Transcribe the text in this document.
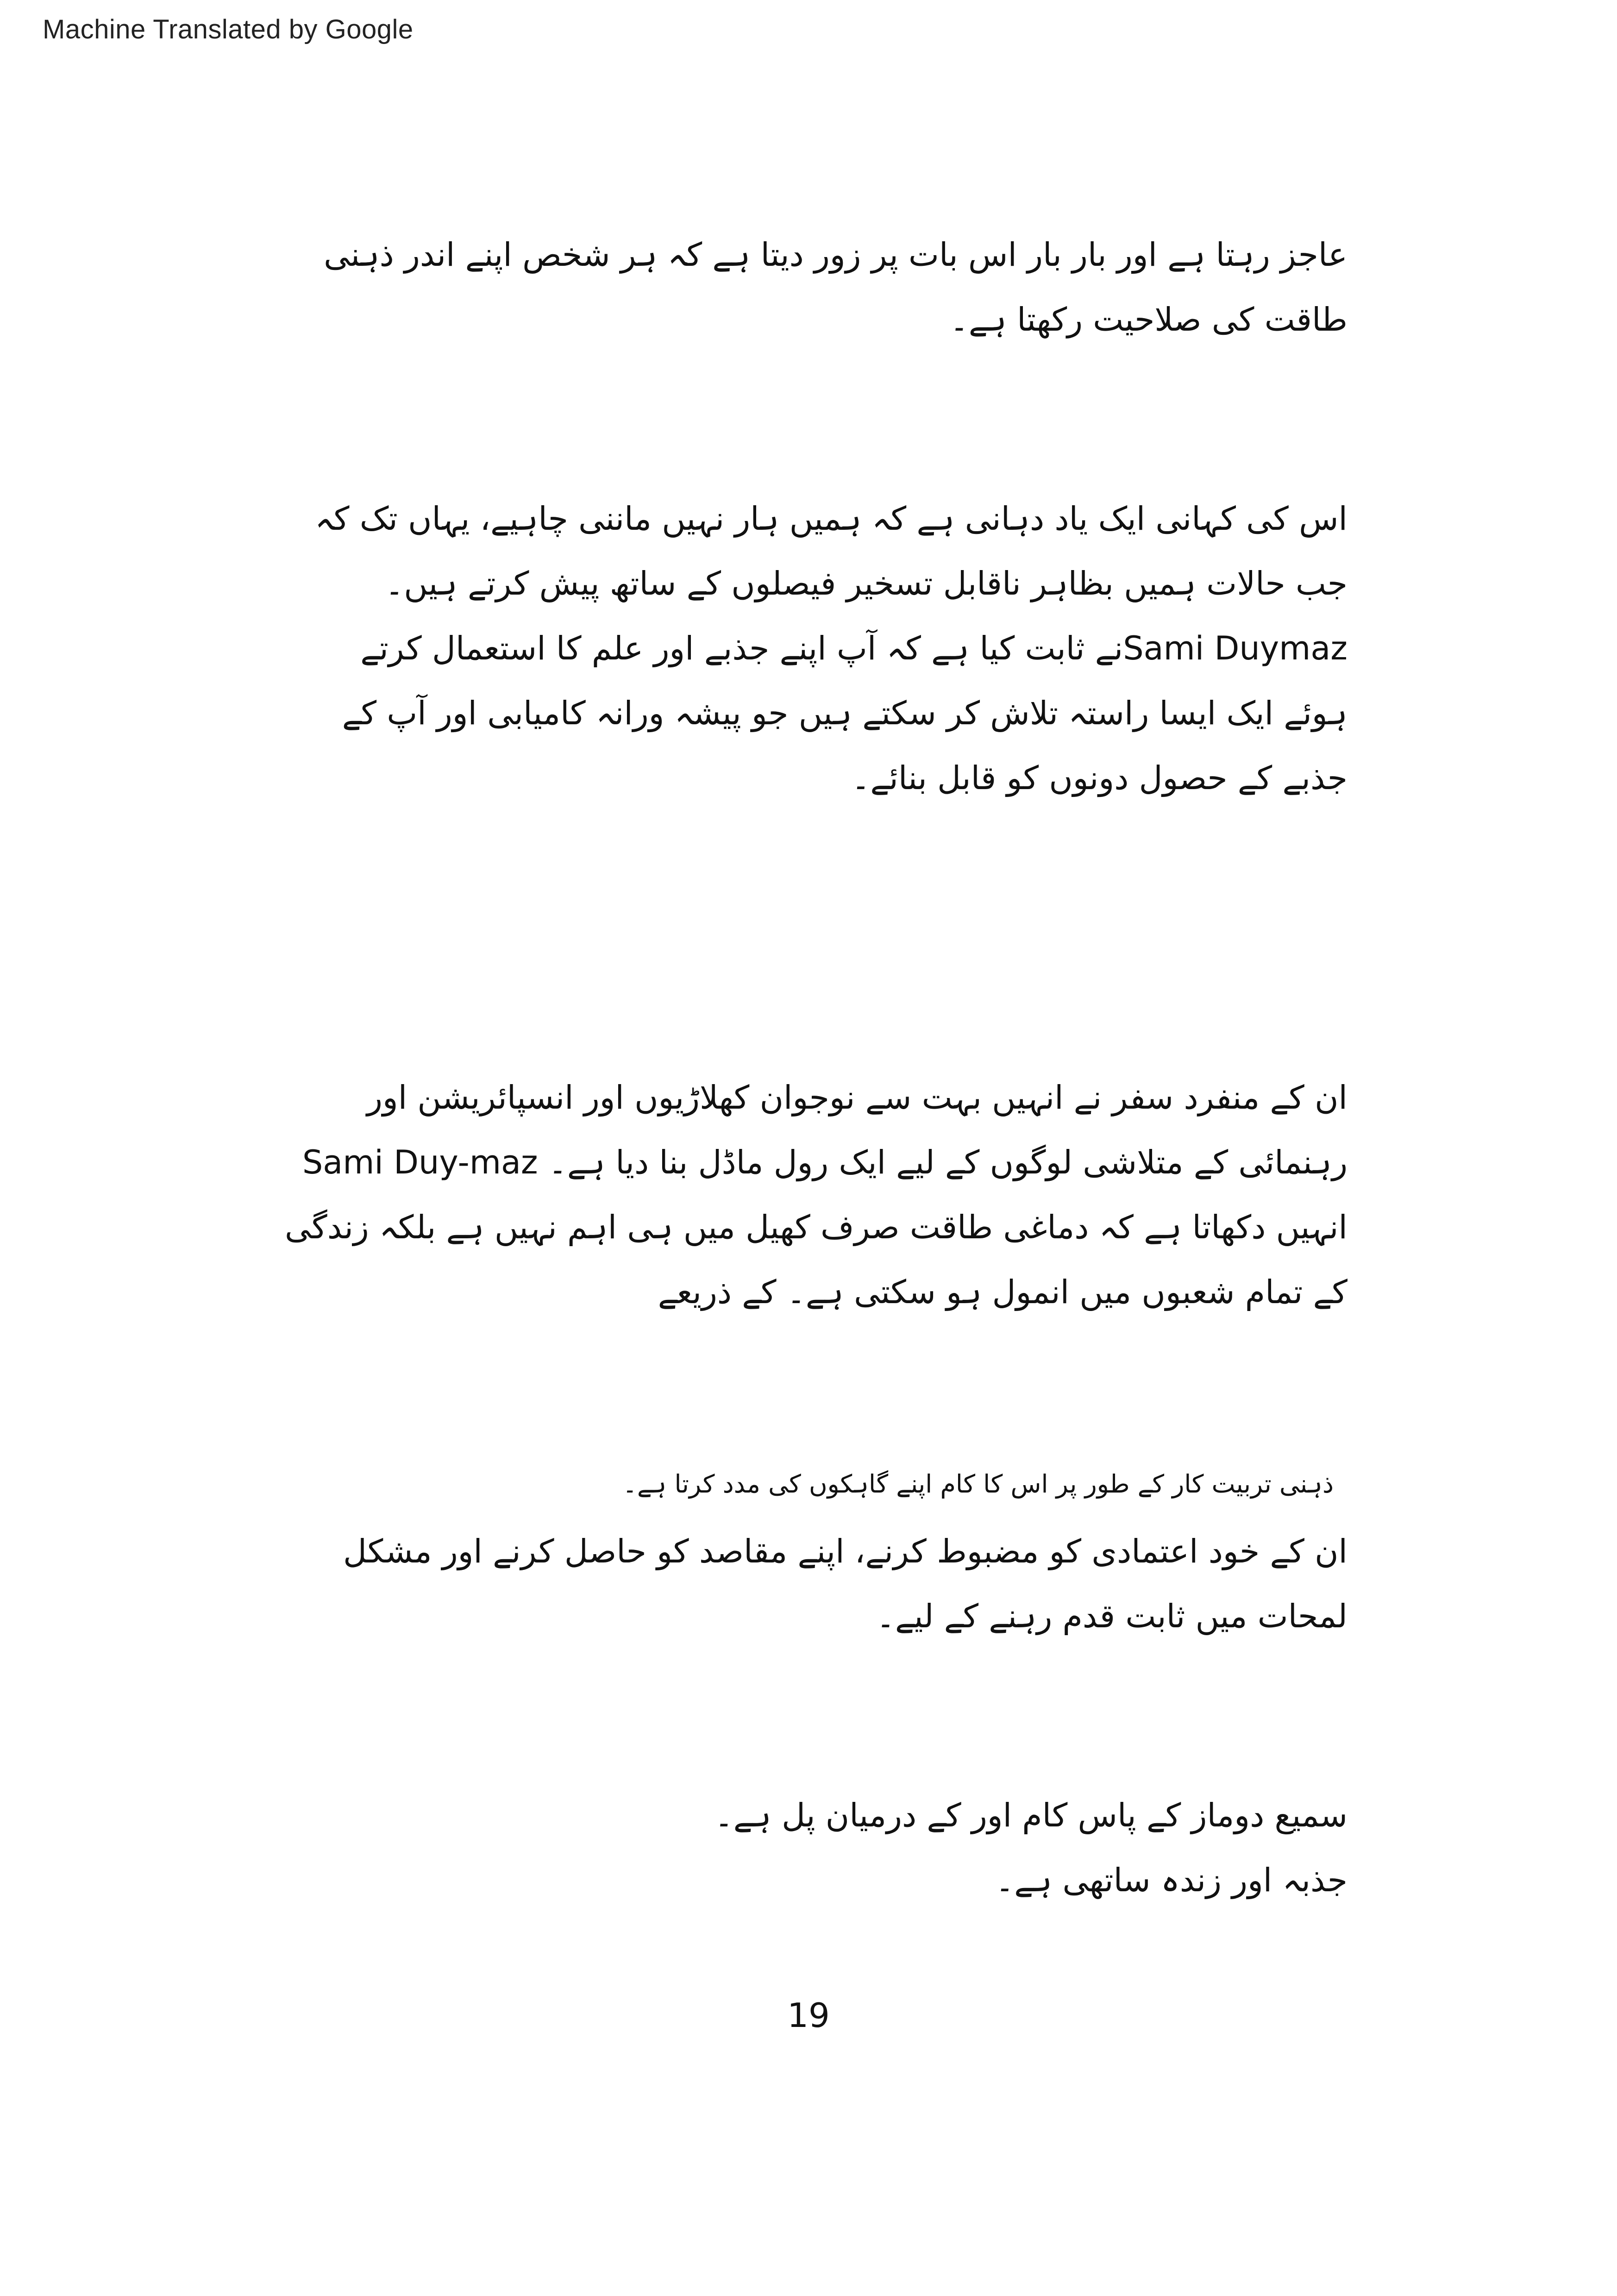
Machine Translated by Google
عاجز رہتا ہے اور بار بار اس بات پر زور دیتا ہے کہ ہر شخص اپنے اندر ذہنی
طاقت کی صلاحیت رکھتا ہے۔
اس کی کہانی ایک یاد دہانی ہے کہ ہمیں ہار نہیں ماننی چاہیے، یہاں تک کہ
جب حالات ہمیں بظاہر ناقابل تسخیر فیصلوں کے ساتھ پیش کرتے ہیں۔
Sami Duymazنے ثابت کیا ہے کہ آپ اپنے جذبے اور علم کا استعمال کرتے
ہوئے ایک ایسا راستہ تلاش کر سکتے ہیں جو پیشہ ورانہ کامیابی اور آپ کے
جذبے کے حصول دونوں کو قابل بنائے۔
ان کے منفرد سفر نے انہیں بہت سے نوجوان کھلاڑیوں اور انسپائریشن اور
رہنمائی کے متلاشی لوگوں کے لیے ایک رول ماڈل بنا دیا ہے۔ Sami Duy-maz
انہیں دکھاتا ہے کہ دماغی طاقت صرف کھیل میں ہی اہم نہیں ہے بلکہ زندگی
کے تمام شعبوں میں انمول ہو سکتی ہے۔ کے ذریعے
ذہنی تربیت کار کے طور پر اس کا کام اپنے گاہکوں کی مدد کرتا ہے۔
ان کے خود اعتمادی کو مضبوط کرنے، اپنے مقاصد کو حاصل کرنے اور مشکل
لمحات میں ثابت قدم رہنے کے لیے۔
سمیع دوماز کے پاس کام اور کے درمیان پل ہے۔
جذبہ اور زندہ ساتھی ہے۔
19
